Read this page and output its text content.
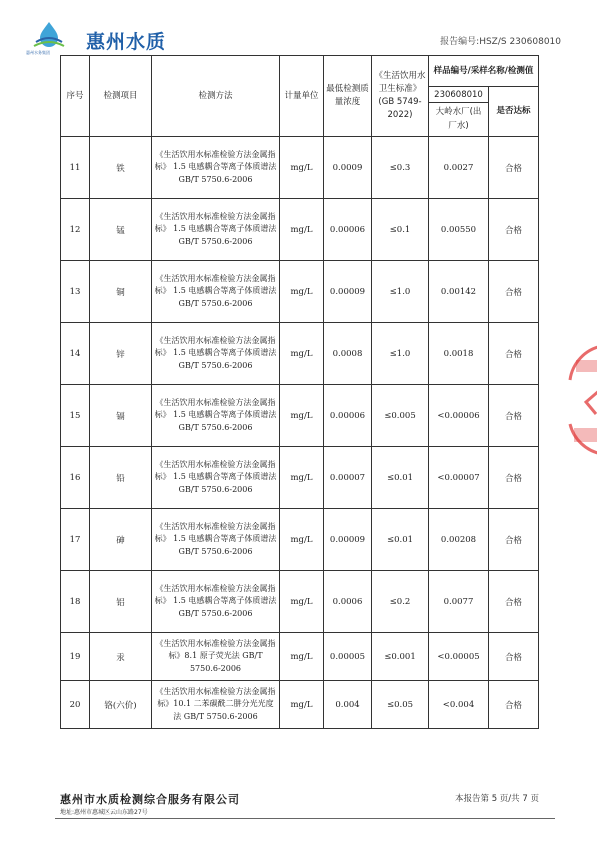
惠州水务集团 惠州水质	报告编号:HSZ/S 230608010
序号	检测项目	检测方法	计量单位	最低检测质量浓度	《生活饮用水卫生标准》(GB 5749-2022)	样品编号/采样名称/检测值	

						230608010
大岭水厂(出厂水)	是否达标
11	铁	《生活饮用水标准检验方法金属指标》 1.5 电感耦合等离子体质谱法 GB/T 5750.6-2006	mg/L	0.0009	≤0.3	0.0027	合格
12	锰	《生活饮用水标准检验方法金属指标》 1.5 电感耦合等离子体质谱法 GB/T 5750.6-2006	mg/L	0.00006	≤0.1	0.00550	合格
13	铜	《生活饮用水标准检验方法金属指标》 1.5 电感耦合等离子体质谱法 GB/T 5750.6-2006	mg/L	0.00009	≤1.0	0.00142	合格
14	锌	《生活饮用水标准检验方法金属指标》 1.5 电感耦合等离子体质谱法 GB/T 5750.6-2006	mg/L	0.0008	≤1.0	0.0018	合格
15	镉	《生活饮用水标准检验方法金属指标》 1.5 电感耦合等离子体质谱法 GB/T 5750.6-2006	mg/L	0.00006	≤0.005	<0.00006	合格
16	铅	《生活饮用水标准检验方法金属指标》 1.5 电感耦合等离子体质谱法 GB/T 5750.6-2006	mg/L	0.00007	≤0.01	<0.00007	合格
17	砷	《生活饮用水标准检验方法金属指标》 1.5 电感耦合等离子体质谱法 GB/T 5750.6-2006	mg/L	0.00009	≤0.01	0.00208	合格
18	铝	《生活饮用水标准检验方法金属指标》 1.5 电感耦合等离子体质谱法 GB/T 5750.6-2006	mg/L	0.0006	≤0.2	0.0077	合格
19	汞	《生活饮用水标准检验方法金属指标》8.1 原子荧光法 GB/T 5750.6-2006	mg/L	0.00005	≤0.001	<0.00005	合格
20	铬(六价)	《生活饮用水标准检验方法金属指标》10.1 二苯碳酰二肼分光光度法 GB/T 5750.6-2006	mg/L	0.004	≤0.05	<0.004	合格
惠州市水质检测综合服务有限公司
地址:惠州市惠城区云山东路27号
本报告第 5 页/共 7 页
